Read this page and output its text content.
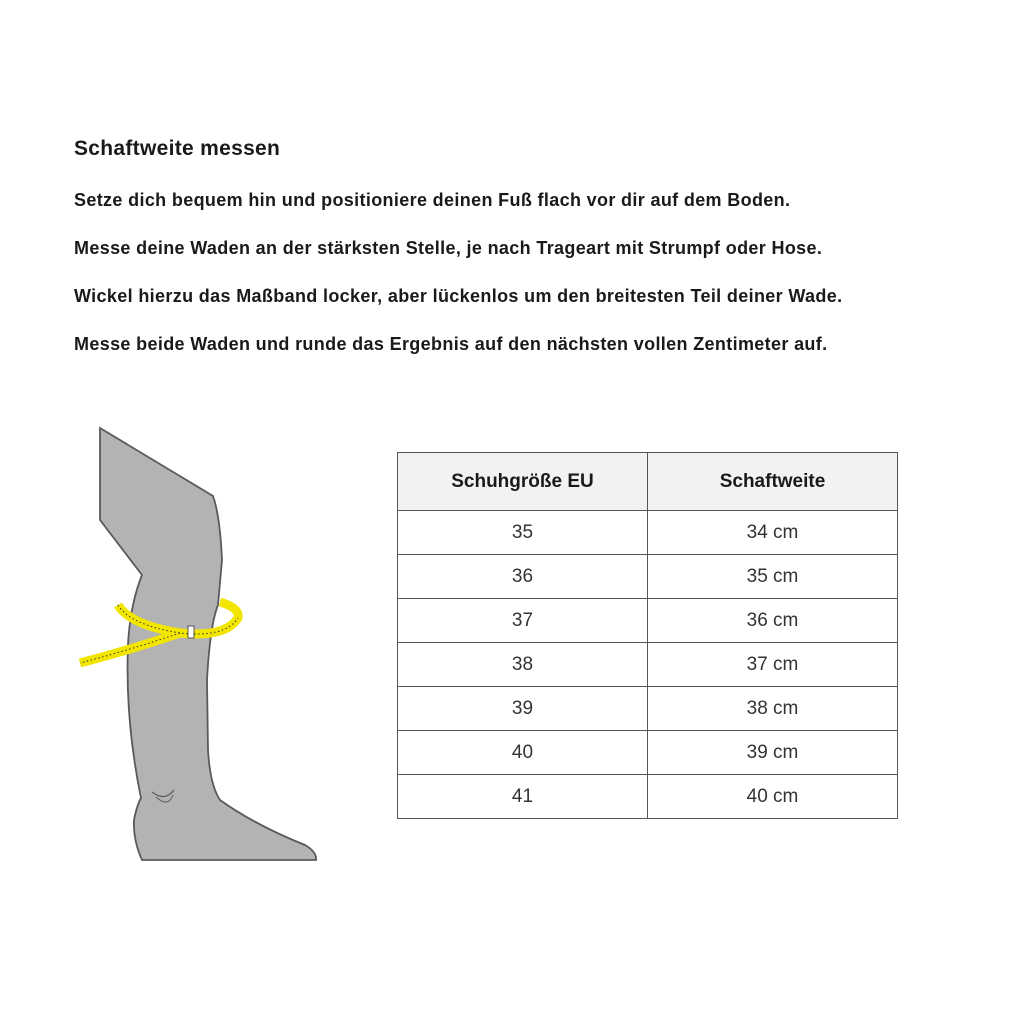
Schaftweite messen
Setze dich bequem hin und positioniere deinen Fuß flach vor dir auf dem Boden.
Messe deine Waden an der stärksten Stelle, je nach Trageart mit Strumpf oder Hose.
Wickel hierzu das Maßband locker, aber lückenlos um den breitesten Teil deiner Wade.
Messe beide Waden und runde das Ergebnis auf den nächsten vollen Zentimeter auf.
Schuhgröße EU	Schaftweite
35	34 cm
36	35 cm
37	36 cm
38	37 cm
39	38 cm
40	39 cm
41	40 cm
